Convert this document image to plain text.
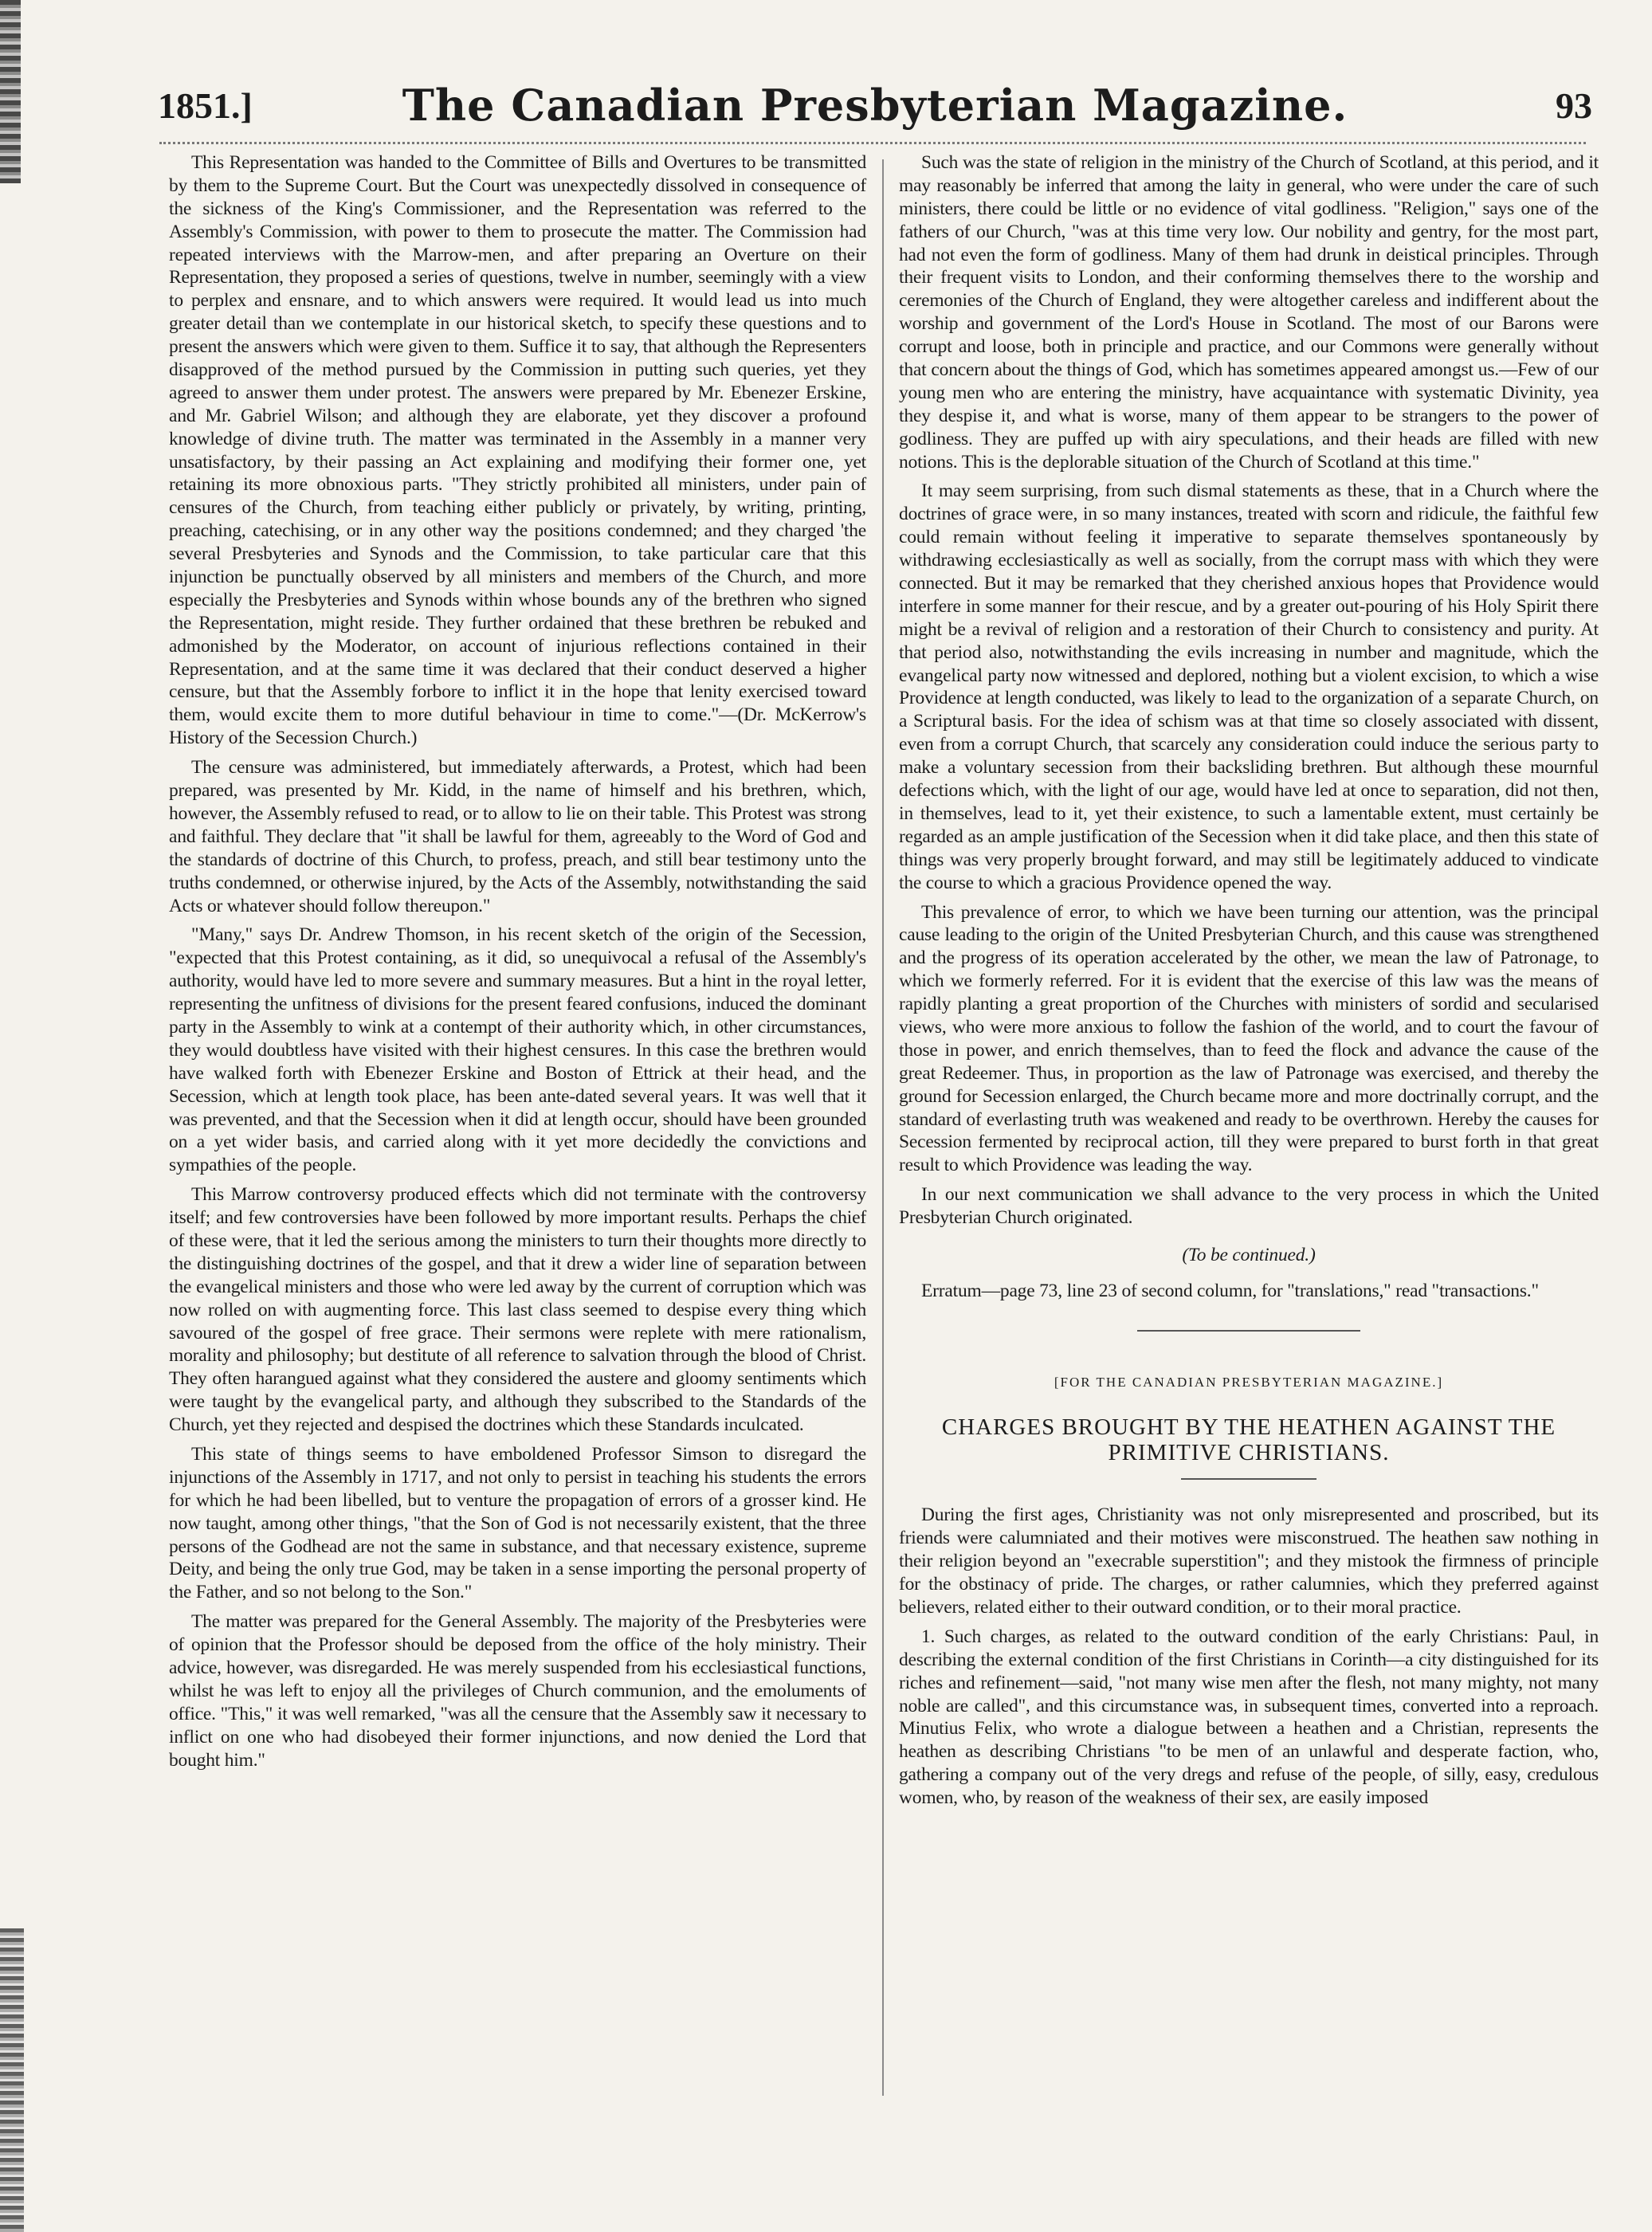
1851.]	The Canadian Presbyterian Magazine.	93

This Representation was handed to the Committee of Bills and Overtures to be transmitted by them to the Supreme Court. But the Court was unexpectedly dissolved in consequence of the sickness of the King's Commissioner, and the Representation was referred to the Assembly's Commission, with power to them to prosecute the matter. The Commission had repeated interviews with the Marrow-men, and after preparing an Overture on their Representation, they proposed a series of questions, twelve in number, seemingly with a view to perplex and ensnare, and to which answers were required. It would lead us into much greater detail than we contemplate in our historical sketch, to specify these questions and to present the answers which were given to them. Suffice it to say, that although the Representers disapproved of the method pursued by the Commission in putting such queries, yet they agreed to answer them under protest. The answers were prepared by Mr. Ebenezer Erskine, and Mr. Gabriel Wilson; and although they are elaborate, yet they discover a profound knowledge of divine truth. The matter was terminated in the Assembly in a manner very unsatisfactory, by their passing an Act explaining and modifying their former one, yet retaining its more obnoxious parts. "They strictly prohibited all ministers, under pain of censures of the Church, from teaching either publicly or privately, by writing, printing, preaching, catechising, or in any other way the positions condemned; and they charged 'the several Presbyteries and Synods and the Commission, to take particular care that this injunction be punctually observed by all ministers and members of the Church, and more especially the Presbyteries and Synods within whose bounds any of the brethren who signed the Representation, might reside. They further ordained that these brethren be rebuked and admonished by the Moderator, on account of injurious reflections contained in their Representation, and at the same time it was declared that their conduct deserved a higher censure, but that the Assembly forbore to inflict it in the hope that lenity exercised toward them, would excite them to more dutiful behaviour in time to come."—(Dr. McKerrow's History of the Secession Church.)

The censure was administered, but immediately afterwards, a Protest, which had been prepared, was presented by Mr. Kidd, in the name of himself and his brethren, which, however, the Assembly refused to read, or to allow to lie on their table. This Protest was strong and faithful. They declare that "it shall be lawful for them, agreeably to the Word of God and the standards of doctrine of this Church, to profess, preach, and still bear testimony unto the truths condemned, or otherwise injured, by the Acts of the Assembly, notwithstanding the said Acts or whatever should follow thereupon."

"Many," says Dr. Andrew Thomson, in his recent sketch of the origin of the Secession, "expected that this Protest containing, as it did, so unequivocal a refusal of the Assembly's authority, would have led to more severe and summary measures. But a hint in the royal letter, representing the unfitness of divisions for the present feared confusions, induced the dominant party in the Assembly to wink at a contempt of their authority which, in other circumstances, they would doubtless have visited with their highest censures. In this case the brethren would have walked forth with Ebenezer Erskine and Boston of Ettrick at their head, and the Secession, which at length took place, has been ante-dated several years. It was well that it was prevented, and that the Secession when it did at length occur, should have been grounded on a yet wider basis, and carried along with it yet more decidedly the convictions and sympathies of the people.

This Marrow controversy produced effects which did not terminate with the controversy itself; and few controversies have been followed by more important results. Perhaps the chief of these were, that it led the serious among the ministers to turn their thoughts more directly to the distinguishing doctrines of the gospel, and that it drew a wider line of separation between the evangelical ministers and those who were led away by the current of corruption which was now rolled on with augmenting force. This last class seemed to despise every thing which savoured of the gospel of free grace. Their sermons were replete with mere rationalism, morality and philosophy; but destitute of all reference to salvation through the blood of Christ. They often harangued against what they considered the austere and gloomy sentiments which were taught by the evangelical party, and although they subscribed to the Standards of the Church, yet they rejected and despised the doctrines which these Standards inculcated.

This state of things seems to have emboldened Professor Simson to disregard the injunctions of the Assembly in 1717, and not only to persist in teaching his students the errors for which he had been libelled, but to venture the propagation of errors of a grosser kind. He now taught, among other things, "that the Son of God is not necessarily existent, that the three persons of the Godhead are not the same in substance, and that necessary existence, supreme Deity, and being the only true God, may be taken in a sense importing the personal property of the Father, and so not belong to the Son."

The matter was prepared for the General Assembly. The majority of the Presbyteries were of opinion that the Professor should be deposed from the office of the holy ministry. Their advice, however, was disregarded. He was merely suspended from his ecclesiastical functions, whilst he was left to enjoy all the privileges of Church communion, and the emoluments of office. "This," it was well remarked, "was all the censure that the Assembly saw it necessary to inflict on one who had disobeyed their former injunctions, and now denied the Lord that bought him."

Such was the state of religion in the ministry of the Church of Scotland, at this period, and it may reasonably be inferred that among the laity in general, who were under the care of such ministers, there could be little or no evidence of vital godliness. "Religion," says one of the fathers of our Church, "was at this time very low. Our nobility and gentry, for the most part, had not even the form of godliness. Many of them had drunk in deistical principles. Through their frequent visits to London, and their conforming themselves there to the worship and ceremonies of the Church of England, they were altogether careless and indifferent about the worship and government of the Lord's House in Scotland. The most of our Barons were corrupt and loose, both in principle and practice, and our Commons were generally without that concern about the things of God, which has sometimes appeared amongst us.—Few of our young men who are entering the ministry, have acquaintance with systematic Divinity, yea they despise it, and what is worse, many of them appear to be strangers to the power of godliness. They are puffed up with airy speculations, and their heads are filled with new notions. This is the deplorable situation of the Church of Scotland at this time."

It may seem surprising, from such dismal statements as these, that in a Church where the doctrines of grace were, in so many instances, treated with scorn and ridicule, the faithful few could remain without feeling it imperative to separate themselves spontaneously by withdrawing ecclesiastically as well as socially, from the corrupt mass with which they were connected. But it may be remarked that they cherished anxious hopes that Providence would interfere in some manner for their rescue, and by a greater out-pouring of his Holy Spirit there might be a revival of religion and a restoration of their Church to consistency and purity. At that period also, notwithstanding the evils increasing in number and magnitude, which the evangelical party now witnessed and deplored, nothing but a violent excision, to which a wise Providence at length conducted, was likely to lead to the organization of a separate Church, on a Scriptural basis. For the idea of schism was at that time so closely associated with dissent, even from a corrupt Church, that scarcely any consideration could induce the serious party to make a voluntary secession from their backsliding brethren. But although these mournful defections which, with the light of our age, would have led at once to separation, did not then, in themselves, lead to it, yet their existence, to such a lamentable extent, must certainly be regarded as an ample justification of the Secession when it did take place, and then this state of things was very properly brought forward, and may still be legitimately adduced to vindicate the course to which a gracious Providence opened the way.

This prevalence of error, to which we have been turning our attention, was the principal cause leading to the origin of the United Presbyterian Church, and this cause was strengthened and the progress of its operation accelerated by the other, we mean the law of Patronage, to which we formerly referred. For it is evident that the exercise of this law was the means of rapidly planting a great proportion of the Churches with ministers of sordid and secularised views, who were more anxious to follow the fashion of the world, and to court the favour of those in power, and enrich themselves, than to feed the flock and advance the cause of the great Redeemer. Thus, in proportion as the law of Patronage was exercised, and thereby the ground for Secession enlarged, the Church became more and more doctrinally corrupt, and the standard of everlasting truth was weakened and ready to be overthrown. Hereby the causes for Secession fermented by reciprocal action, till they were prepared to burst forth in that great result to which Providence was leading the way.

In our next communication we shall advance to the very process in which the United Presbyterian Church originated.

(To be continued.)

Erratum—page 73, line 23 of second column, for "translations," read "transactions."

[FOR THE CANADIAN PRESBYTERIAN MAGAZINE.]
CHARGES BROUGHT BY THE HEATHEN AGAINST THE PRIMITIVE CHRISTIANS.

During the first ages, Christianity was not only misrepresented and proscribed, but its friends were calumniated and their motives were misconstrued. The heathen saw nothing in their religion beyond an "execrable superstition"; and they mistook the firmness of principle for the obstinacy of pride. The charges, or rather calumnies, which they preferred against believers, related either to their outward condition, or to their moral practice.

1. Such charges, as related to the outward condition of the early Christians: Paul, in describing the external condition of the first Christians in Corinth—a city distinguished for its riches and refinement—said, "not many wise men after the flesh, not many mighty, not many noble are called", and this circumstance was, in subsequent times, converted into a reproach. Minutius Felix, who wrote a dialogue between a heathen and a Christian, represents the heathen as describing Christians "to be men of an unlawful and desperate faction, who, gathering a company out of the very dregs and refuse of the people, of silly, easy, credulous women, who, by reason of the weakness of their sex, are easily imposed
